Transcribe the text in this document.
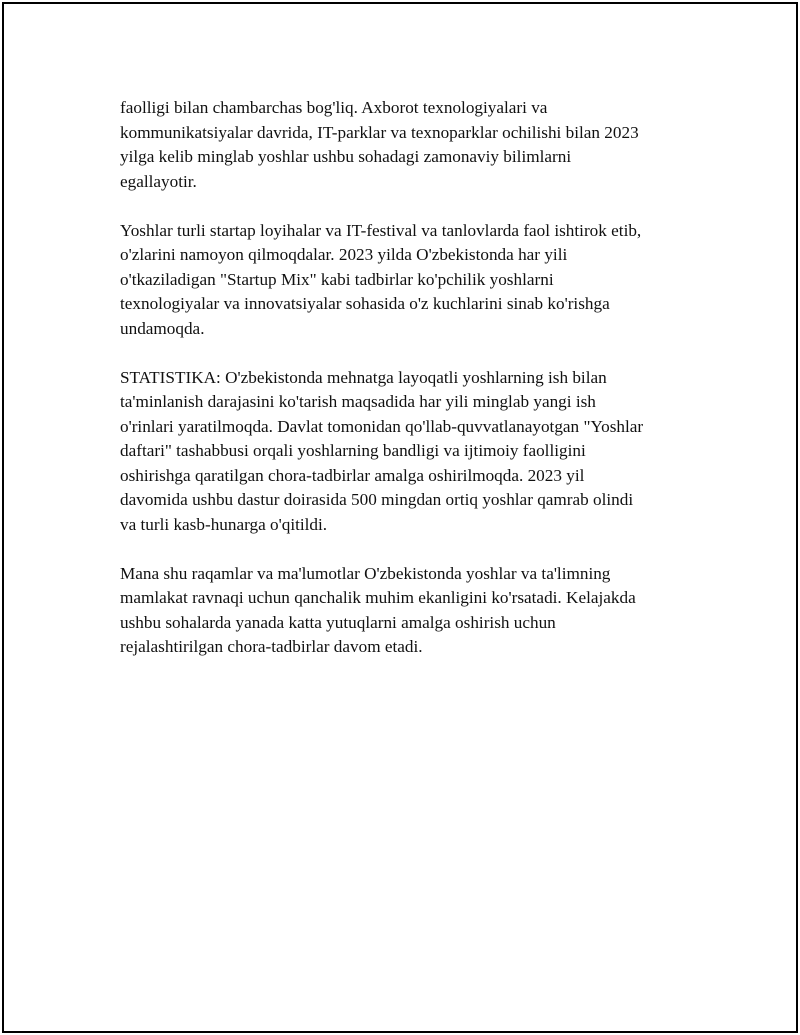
faolligi bilan chambarchas bog'liq. Axborot texnologiyalari va
kommunikatsiyalar davrida, IT-parklar va texnoparklar ochilishi bilan 2023
yilga kelib minglab yoshlar ushbu sohadagi zamonaviy bilimlarni
egallayotir.

Yoshlar turli startap loyihalar va IT-festival va tanlovlarda faol ishtirok etib,
o'zlarini namoyon qilmoqdalar. 2023 yilda O'zbekistonda har yili
o'tkaziladigan "Startup Mix" kabi tadbirlar ko'pchilik yoshlarni
texnologiyalar va innovatsiyalar sohasida o'z kuchlarini sinab ko'rishga
undamoqda.

STATISTIKA: O'zbekistonda mehnatga layoqatli yoshlarning ish bilan
ta'minlanish darajasini ko'tarish maqsadida har yili minglab yangi ish
o'rinlari yaratilmoqda. Davlat tomonidan qo'llab-quvvatlanayotgan "Yoshlar
daftari" tashabbusi orqali yoshlarning bandligi va ijtimoiy faolligini
oshirishga qaratilgan chora-tadbirlar amalga oshirilmoqda. 2023 yil
davomida ushbu dastur doirasida 500 mingdan ortiq yoshlar qamrab olindi
va turli kasb-hunarga o'qitildi.

Mana shu raqamlar va ma'lumotlar O'zbekistonda yoshlar va ta'limning
mamlakat ravnaqi uchun qanchalik muhim ekanligini ko'rsatadi. Kelajakda
ushbu sohalarda yanada katta yutuqlarni amalga oshirish uchun
rejalashtirilgan chora-tadbirlar davom etadi.
